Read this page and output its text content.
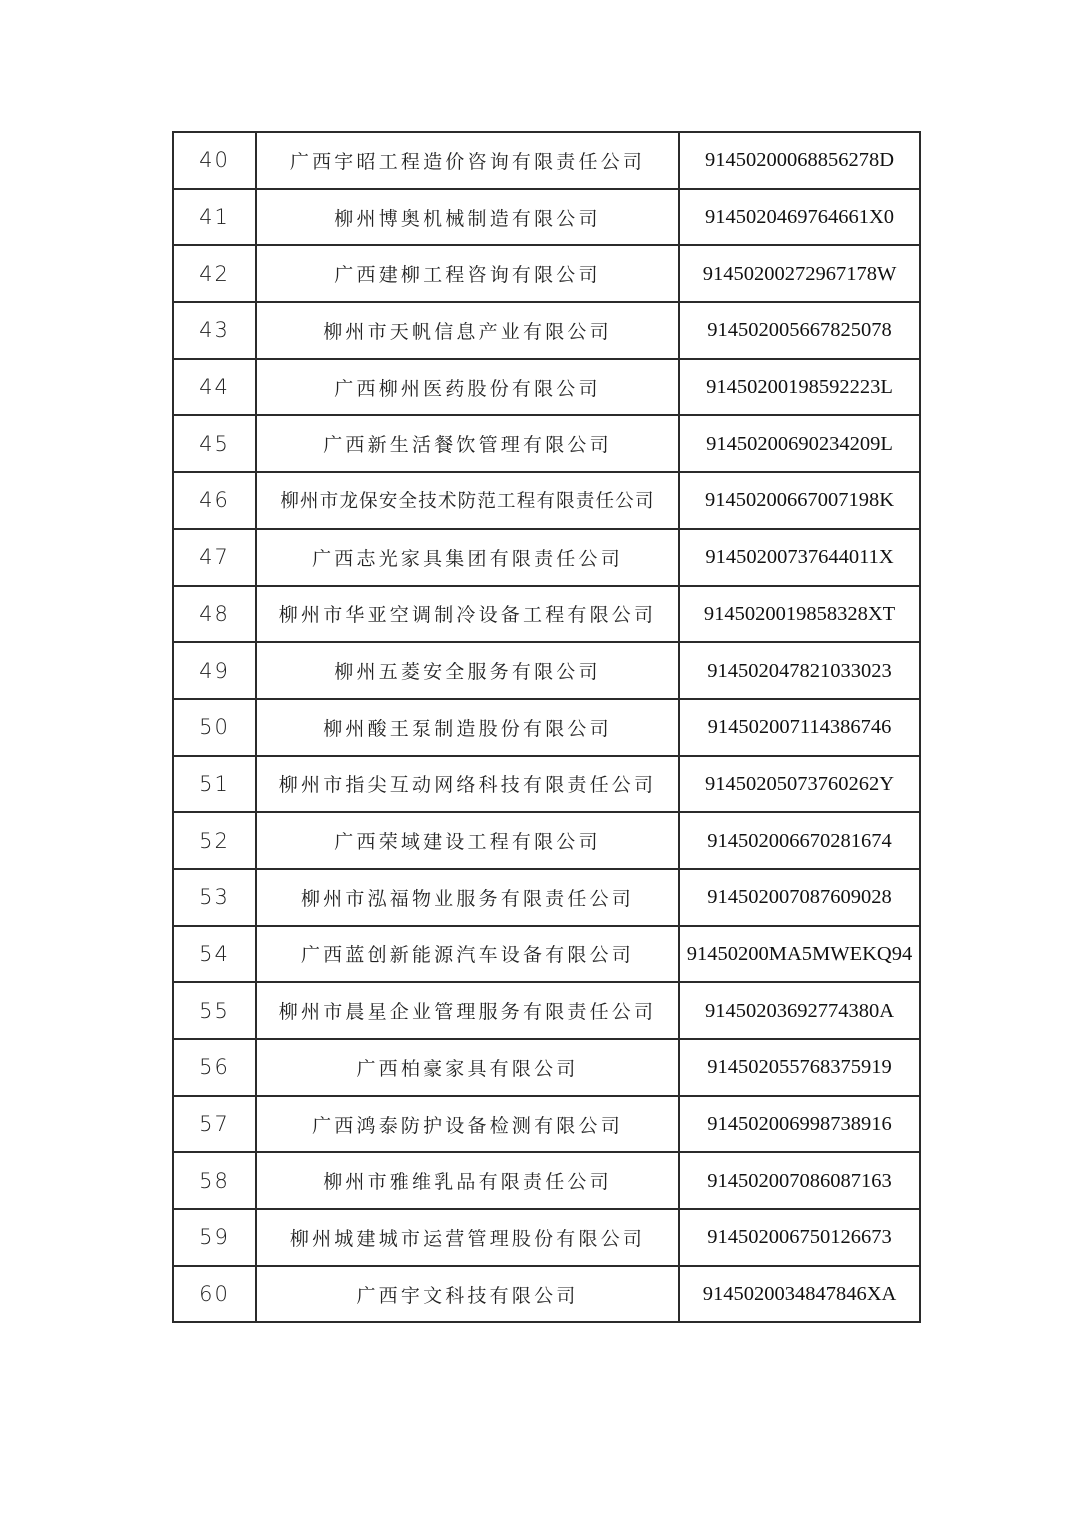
40	广西宇昭工程造价咨询有限责任公司	91450200068856278D
41	柳州博奥机械制造有限公司	9145020469764661X0
42	广西建柳工程咨询有限公司	91450200272967178W
43	柳州市天帆信息产业有限公司	914502005667825078
44	广西柳州医药股份有限公司	91450200198592223L
45	广西新生活餐饮管理有限公司	91450200690234209L
46	柳州市龙保安全技术防范工程有限责任公司	91450200667007198K
47	广西志光家具集团有限责任公司	91450200737644011X
48	柳州市华亚空调制冷设备工程有限公司	9145020019858328XT
49	柳州五菱安全服务有限公司	914502047821033023
50	柳州酸王泵制造股份有限公司	914502007114386746
51	柳州市指尖互动网络科技有限责任公司	91450205073760262Y
52	广西荣域建设工程有限公司	914502006670281674
53	柳州市泓福物业服务有限责任公司	914502007087609028
54	广西蓝创新能源汽车设备有限公司	91450200MA5MWEKQ94
55	柳州市晨星企业管理服务有限责任公司	91450203692774380A
56	广西柏豪家具有限公司	914502055768375919
57	广西鸿泰防护设备检测有限公司	914502006998738916
58	柳州市雅维乳品有限责任公司	914502007086087163
59	柳州城建城市运营管理股份有限公司	914502006750126673
60	广西宇文科技有限公司	9145020034847846XA
